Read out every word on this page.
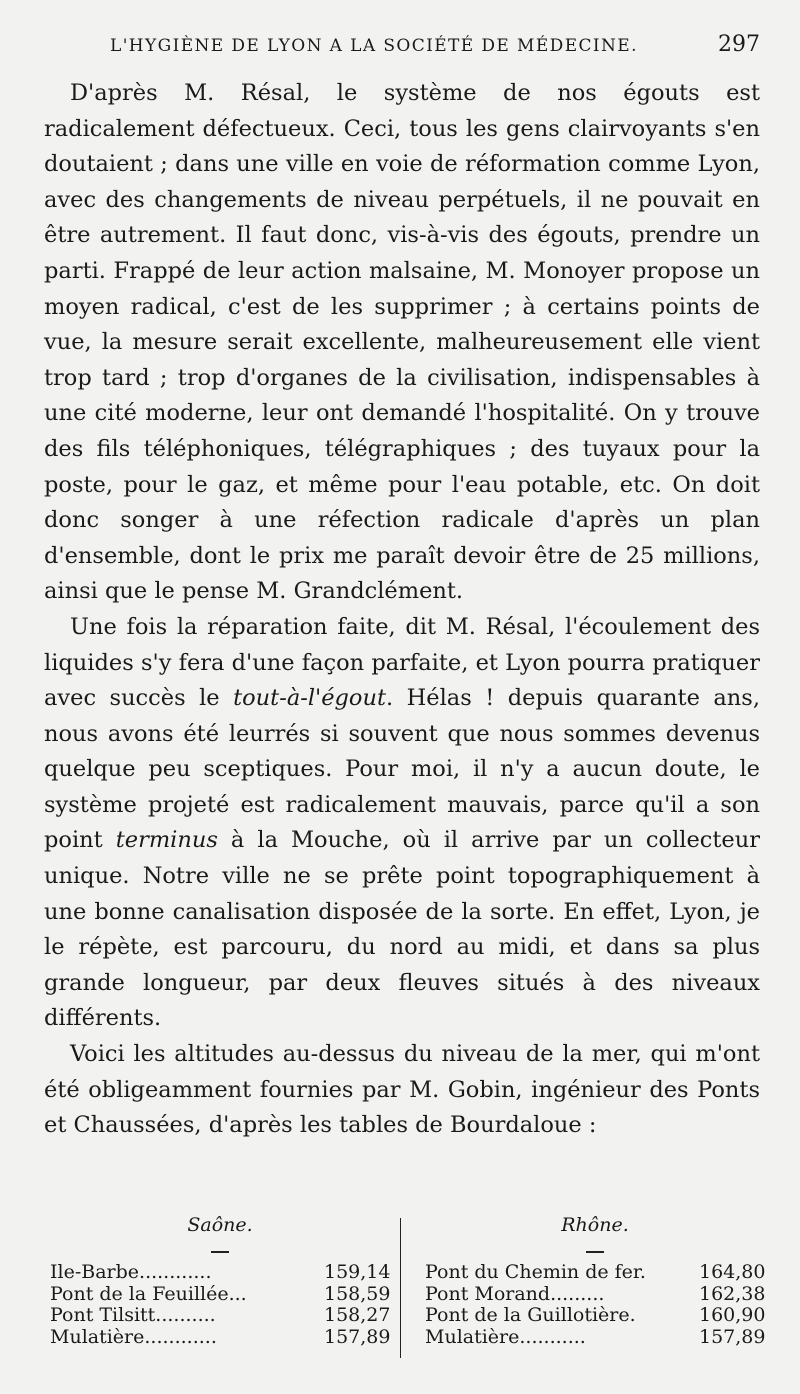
L'HYGIÈNE DE LYON A LA SOCIÉTÉ DE MÉDECINE.	297

D'après M. Résal, le système de nos égouts est radicalement défectueux. Ceci, tous les gens clairvoyants s'en doutaient ; dans une ville en voie de réformation comme Lyon, avec des changements de niveau perpétuels, il ne pouvait en être autrement. Il faut donc, vis-à-vis des égouts, prendre un parti. Frappé de leur action malsaine, M. Monoyer propose un moyen radical, c'est de les supprimer ; à certains points de vue, la mesure serait excellente, malheureusement elle vient trop tard ; trop d'organes de la civilisation, indispensables à une cité moderne, leur ont demandé l'hospitalité. On y trouve des fils téléphoniques, télégraphiques ; des tuyaux pour la poste, pour le gaz, et même pour l'eau potable, etc. On doit donc songer à une réfection radicale d'après un plan d'ensemble, dont le prix me paraît devoir être de 25 millions, ainsi que le pense M. Grandclément.

Une fois la réparation faite, dit M. Résal, l'écoulement des liquides s'y fera d'une façon parfaite, et Lyon pourra pratiquer avec succès le tout-à-l'égout. Hélas ! depuis quarante ans, nous avons été leurrés si souvent que nous sommes devenus quelque peu sceptiques. Pour moi, il n'y a aucun doute, le système projeté est radicalement mauvais, parce qu'il a son point terminus à la Mouche, où il arrive par un collecteur unique. Notre ville ne se prête point topographiquement à une bonne canalisation disposée de la sorte. En effet, Lyon, je le répète, est parcouru, du nord au midi, et dans sa plus grande longueur, par deux fleuves situés à des niveaux différents.

Voici les altitudes au-dessus du niveau de la mer, qui m'ont été obligeamment fournies par M. Gobin, ingénieur des Ponts et Chaussées, d'après les tables de Bourdaloue :

Saône.
Ile-Barbe............	159,14
Pont de la Feuillée...	158,59
Pont Tilsitt..........	158,27
Mulatière............	157,89
Rhône.
Pont du Chemin de fer.	164,80
Pont Morand.........	162,38
Pont de la Guillotière.	160,90
Mulatière...........	157,89
